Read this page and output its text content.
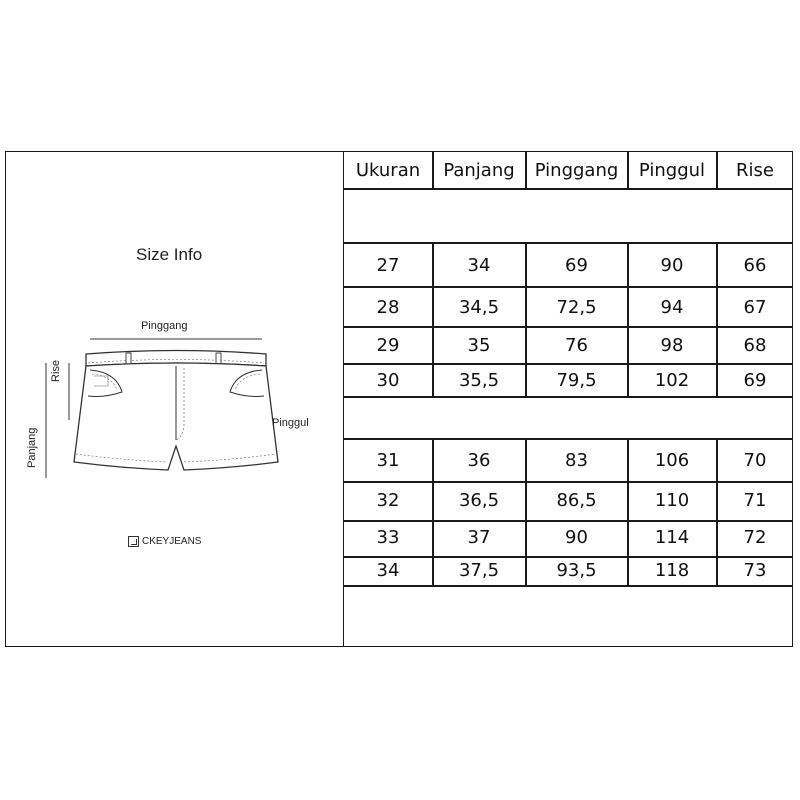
Size Info
Pinggang
Pinggul
Rise
Panjang
CKEYJEANS
Ukuran	Panjang	Pinggang	Pinggul	Rise
27	34	69	90	66
28	34,5	72,5	94	67
29	35	76	98	68
30	35,5	79,5	102	69
31	36	83	106	70
32	36,5	86,5	110	71
33	37	90	114	72
34	37,5	93,5	118	73
